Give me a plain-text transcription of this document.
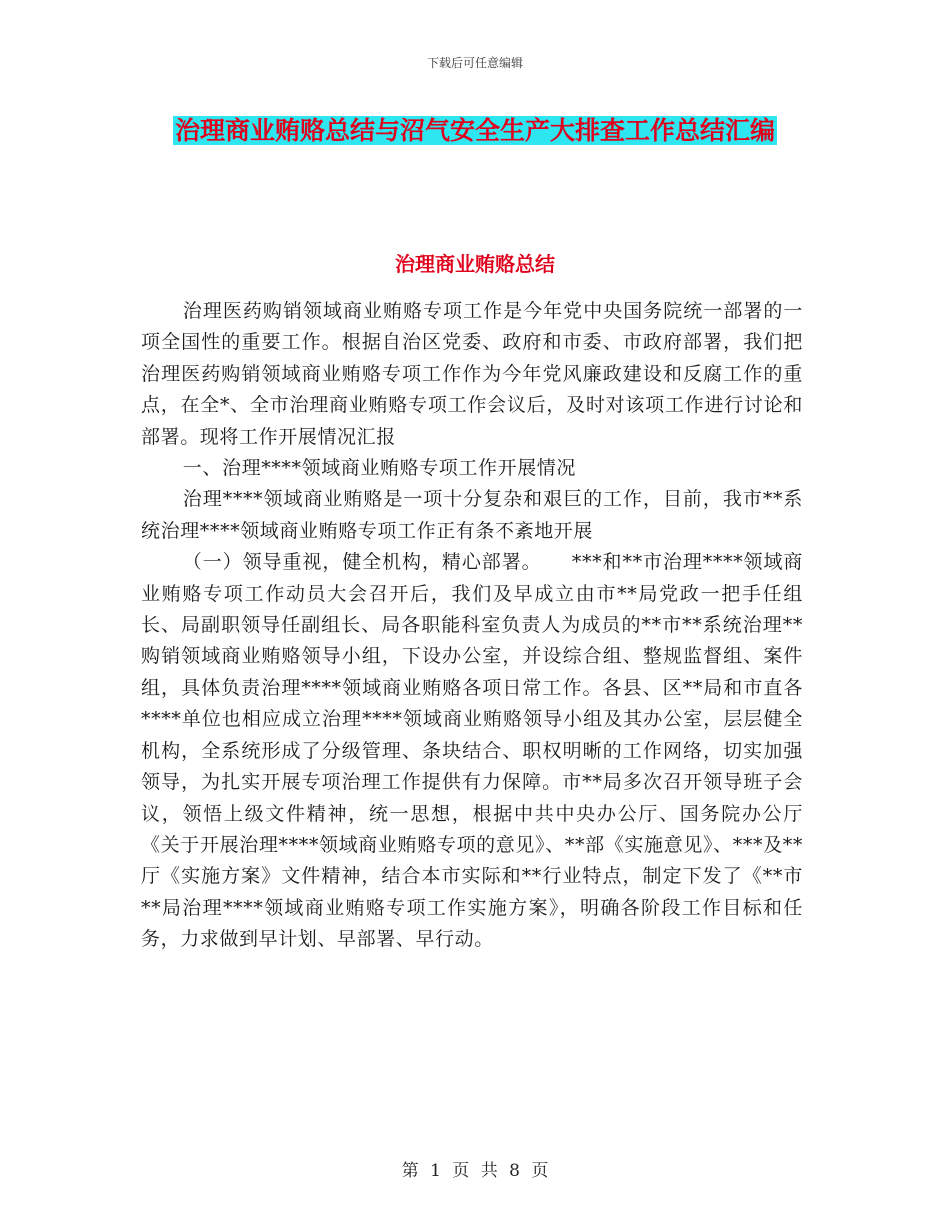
下载后可任意编辑
治理商业贿赂总结与沼气安全生产大排查工作总结汇编
治理商业贿赂总结

治理医药购销领域商业贿赂专项工作是今年党中央国务院统一部署的一项全国性的重要工作。根据自治区党委、政府和市委、市政府部署，我们把治理医药购销领域商业贿赂专项工作作为今年党风廉政建设和反腐工作的重点，在全*、全市治理商业贿赂专项工作会议后，及时对该项工作进行讨论和部署。现将工作开展情况汇报

一、治理****领域商业贿赂专项工作开展情况

治理****领域商业贿赂是一项十分复杂和艰巨的工作，目前，我市**系统治理****领域商业贿赂专项工作正有条不紊地开展

（一）领导重视，健全机构，精心部署。　　***和**市治理****领域商业贿赂专项工作动员大会召开后，我们及早成立由市**局党政一把手任组长、局副职领导任副组长、局各职能科室负责人为成员的**市**系统治理**购销领域商业贿赂领导小组，下设办公室，并设综合组、整规监督组、案件组，具体负责治理****领域商业贿赂各项日常工作。各县、区**局和市直各****单位也相应成立治理****领域商业贿赂领导小组及其办公室，层层健全机构，全系统形成了分级管理、条块结合、职权明晰的工作网络，切实加强领导，为扎实开展专项治理工作提供有力保障。市**局多次召开领导班子会议，领悟上级文件精神，统一思想，根据中共中央办公厅、国务院办公厅《关于开展治理****领域商业贿赂专项的意见》、**部《实施意见》、***及**厅《实施方案》文件精神，结合本市实际和**行业特点，制定下发了《**市**局治理****领域商业贿赂专项工作实施方案》，明确各阶段工作目标和任务，力求做到早计划、早部署、早行动。

第 1 页 共 8 页
